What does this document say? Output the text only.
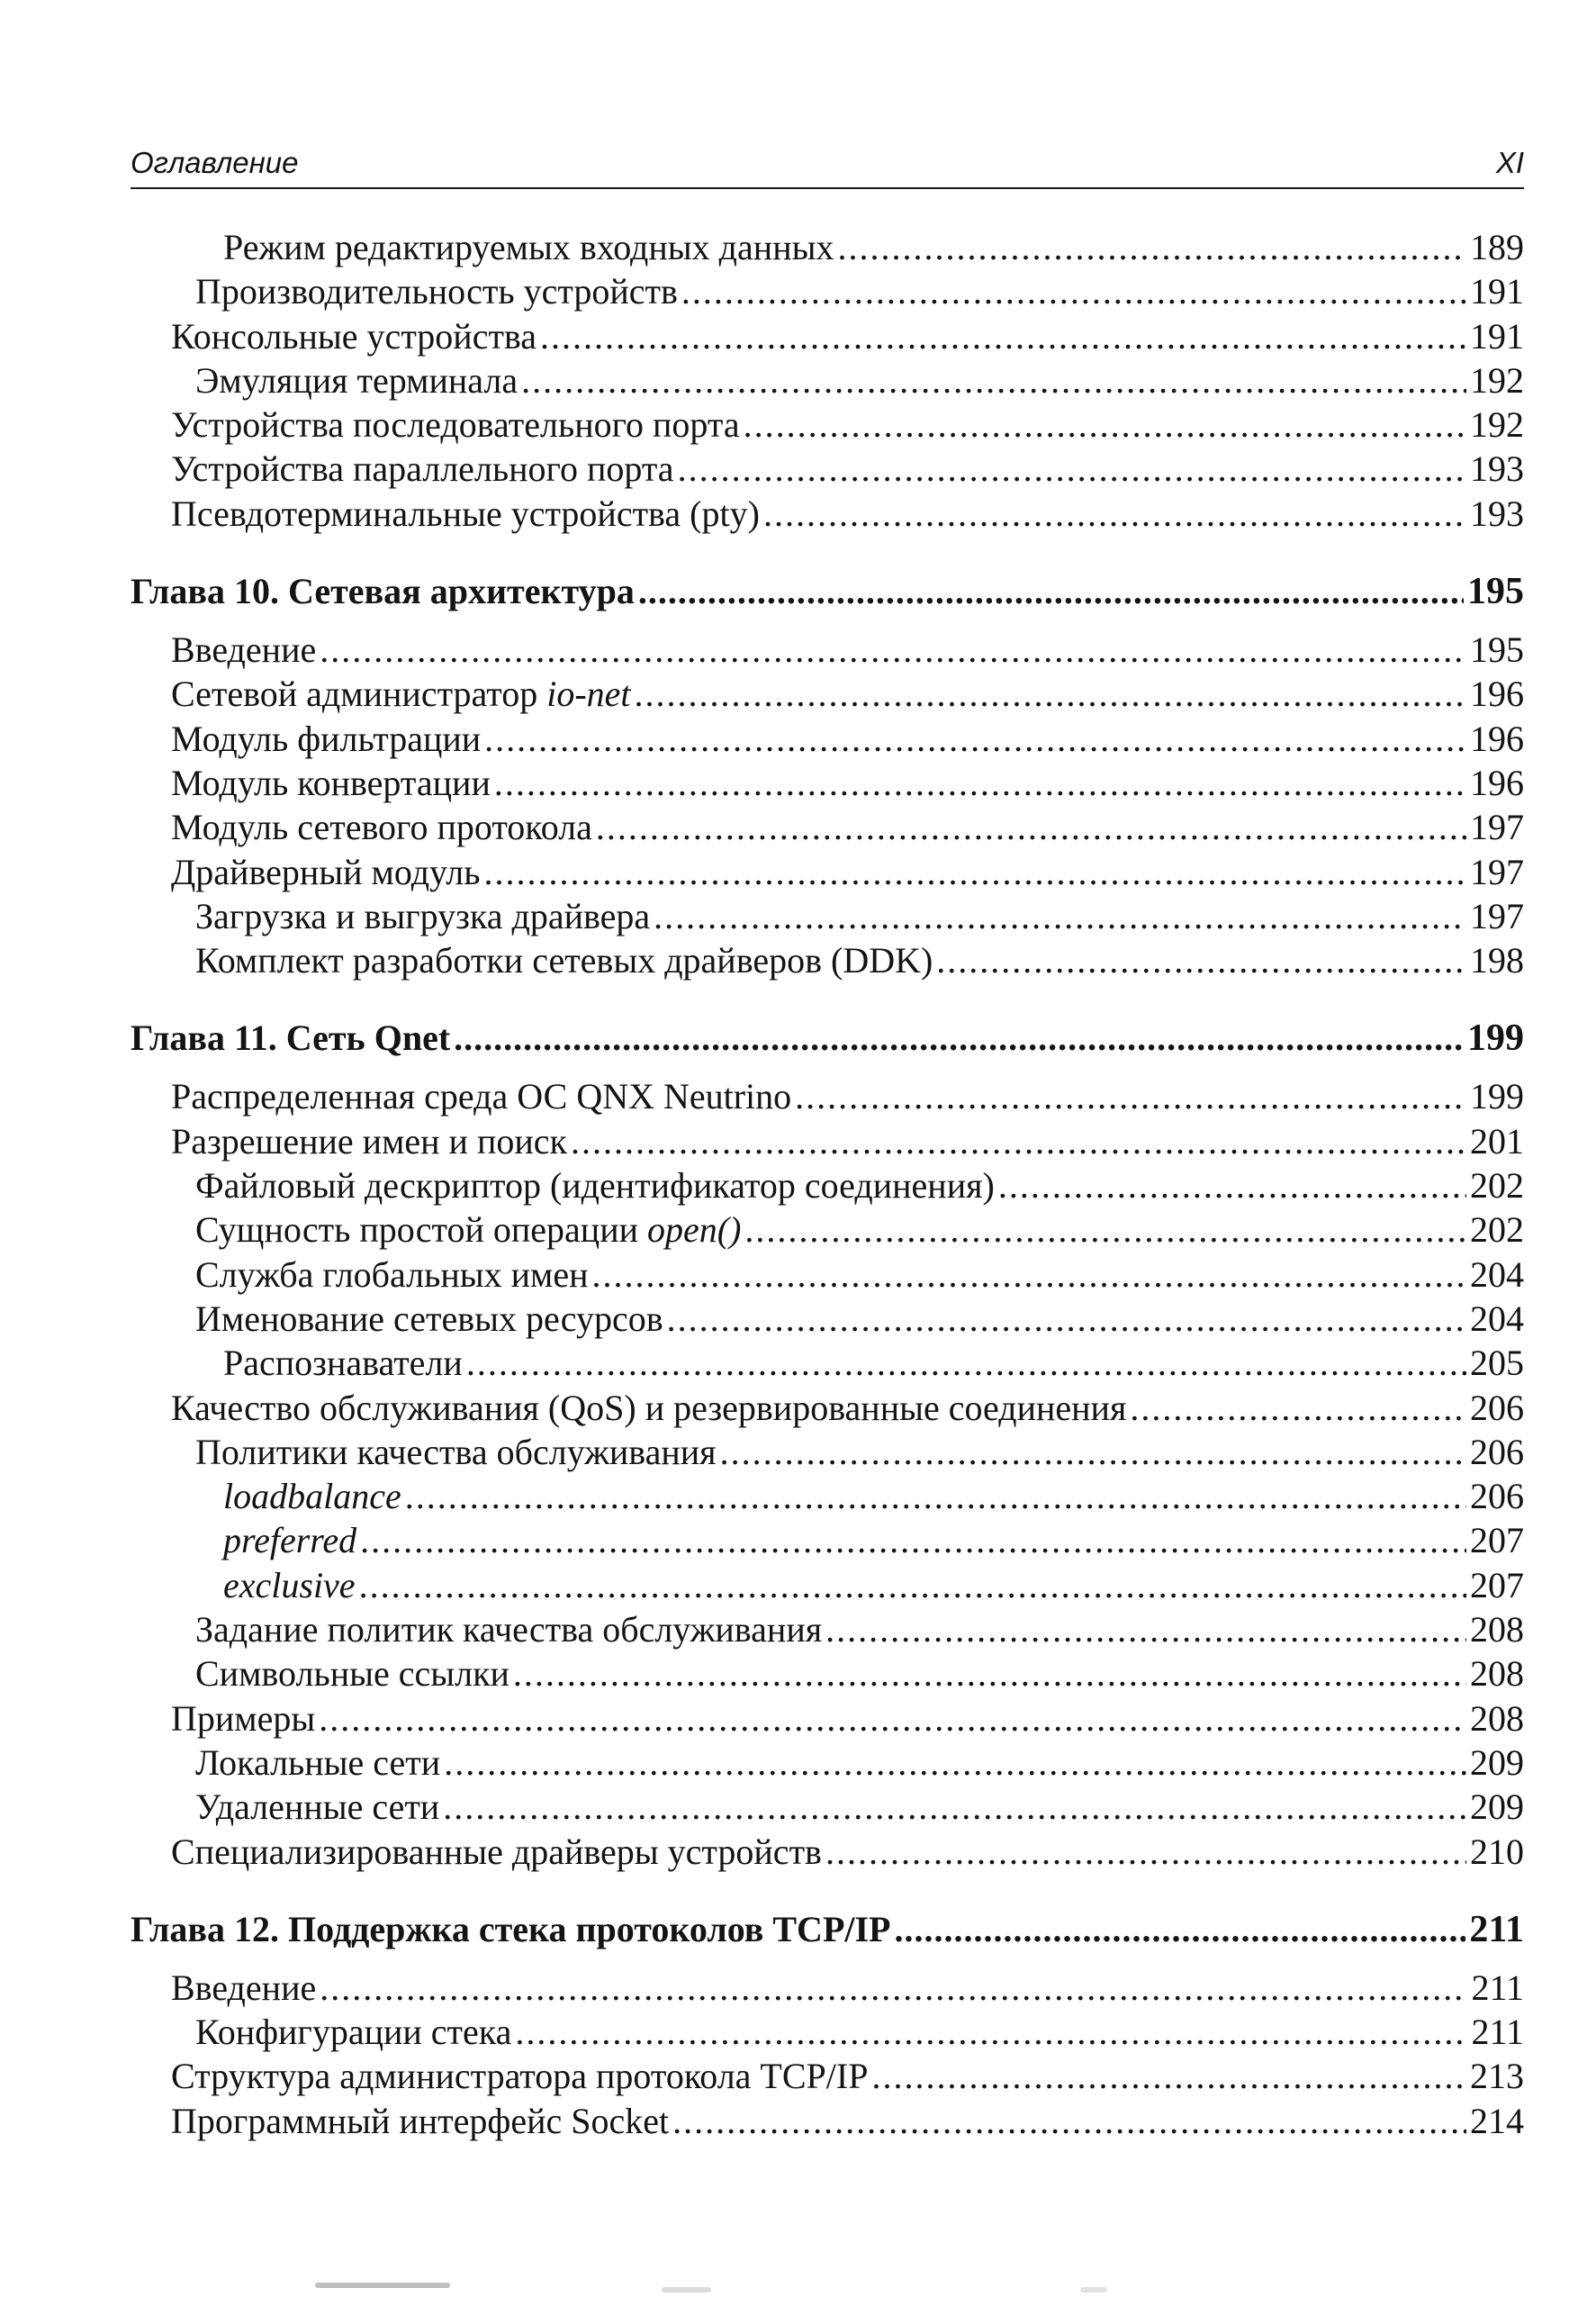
Оглавление	XI
Режим редактируемых входных данных .....	189
Производительность устройств .....	191
Консольные устройства .....	191
Эмуляция терминала .....	192
Устройства последовательного порта .....	192
Устройства параллельного порта .....	193
Псевдотерминальные устройства (pty) .....	193
Глава 10. Сетевая архитектура .....	195
Введение .....	195
Сетевой администратор io-net .....	196
Модуль фильтрации .....	196
Модуль конвертации .....	196
Модуль сетевого протокола .....	197
Драйверный модуль .....	197
Загрузка и выгрузка драйвера .....	197
Комплект разработки сетевых драйверов (DDK) .....	198
Глава 11. Сеть Qnet .....	199
Распределенная среда ОС QNX Neutrino .....	199
Разрешение имен и поиск .....	201
Файловый дескриптор (идентификатор соединения) .....	202
Сущность простой операции open() .....	202
Служба глобальных имен .....	204
Именование сетевых ресурсов .....	204
Распознаватели .....	205
Качество обслуживания (QoS) и резервированные соединения .....	206
Политики качества обслуживания .....	206
loadbalance .....	206
preferred .....	207
exclusive .....	207
Задание политик качества обслуживания .....	208
Символьные ссылки .....	208
Примеры .....	208
Локальные сети .....	209
Удаленные сети .....	209
Специализированные драйверы устройств .....	210
Глава 12. Поддержка стека протоколов TCP/IP .....	211
Введение .....	211
Конфигурации стека .....	211
Структура администратора протокола TCP/IP .....	213
Программный интерфейс Socket .....	214
